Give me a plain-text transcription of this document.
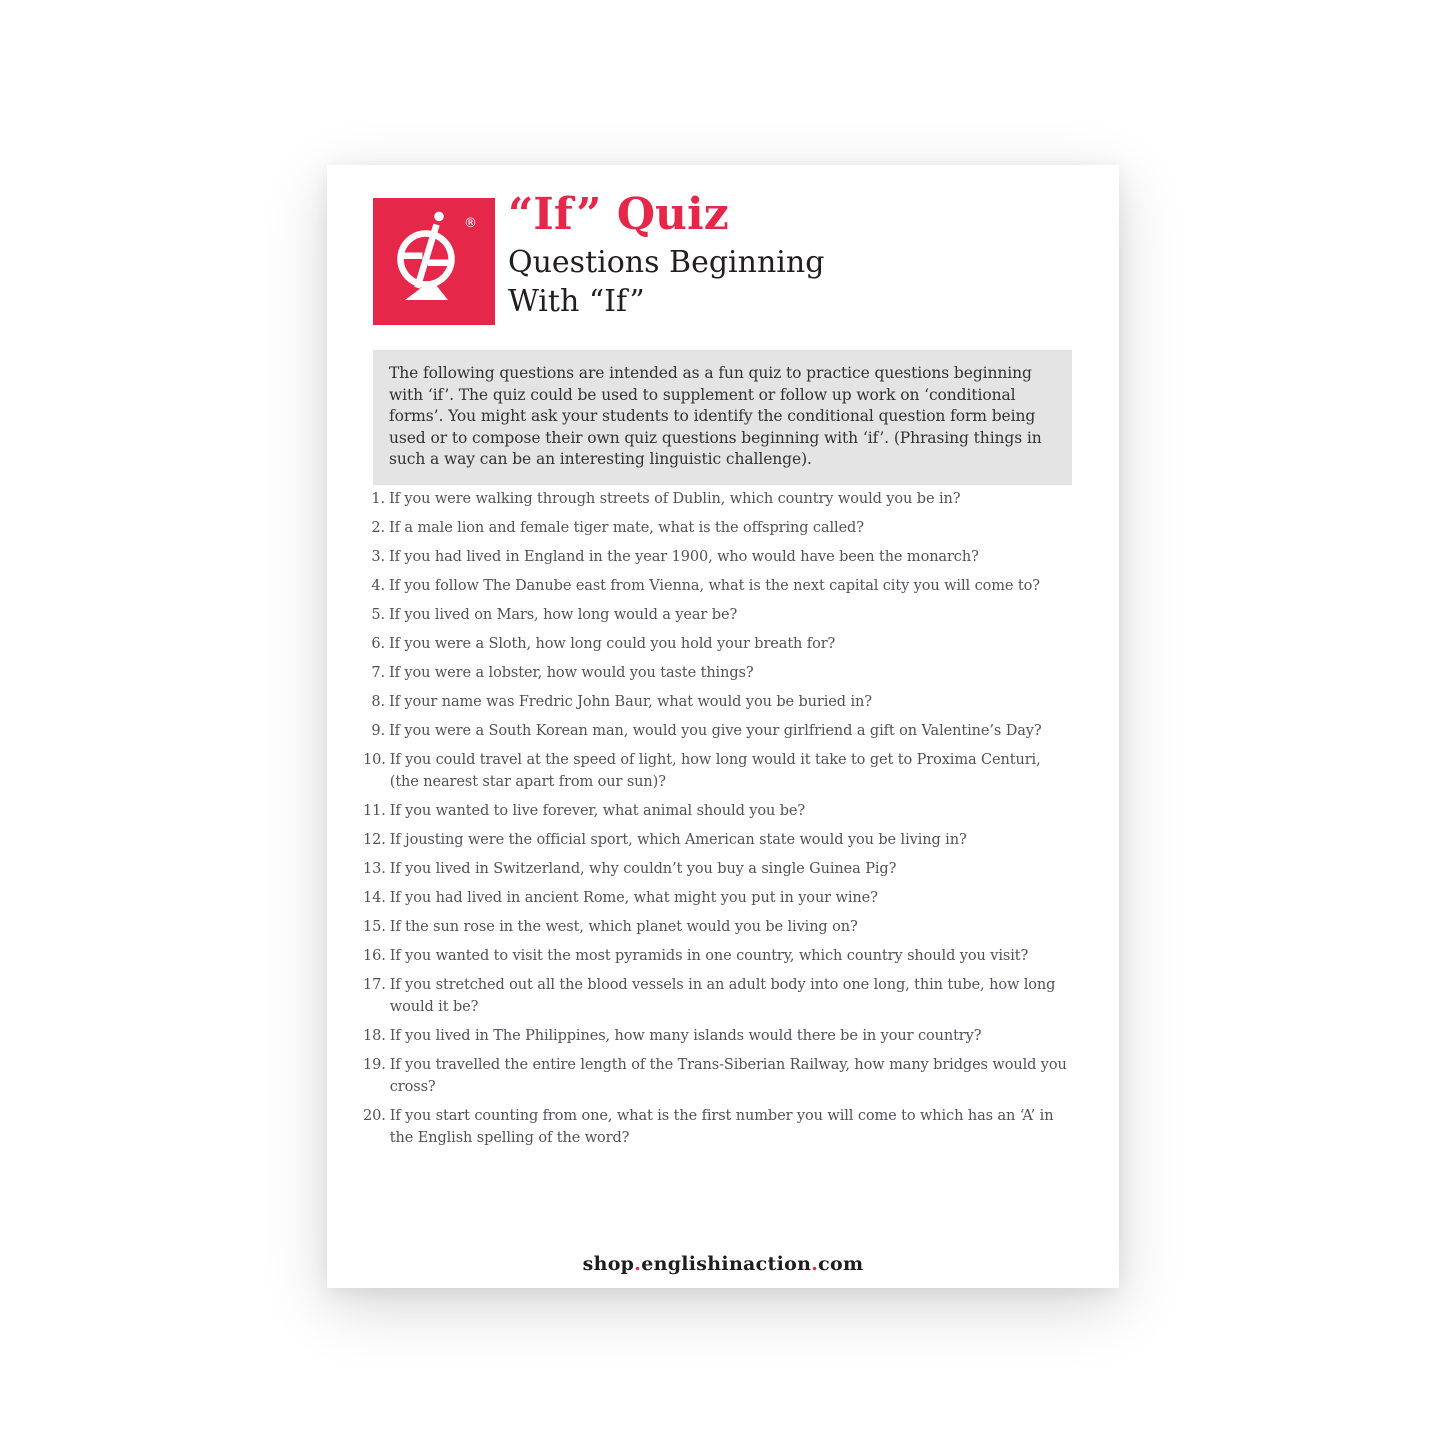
® “If” Quiz
Questions Beginning
With “If”

The following questions are intended as a fun quiz to practice questions beginning with ‘if’. The quiz could be used to supplement or follow up work on ‘conditional forms’. You might ask your students to identify the conditional question form being used or to compose their own quiz questions beginning with ‘if’. (Phrasing things in such a way can be an interesting linguistic challenge).

1. If you were walking through streets of Dublin, which country would you be in?
2. If a male lion and female tiger mate, what is the offspring called?
3. If you had lived in England in the year 1900, who would have been the monarch?
4. If you follow The Danube east from Vienna, what is the next capital city you will come to?
5. If you lived on Mars, how long would a year be?
6. If you were a Sloth, how long could you hold your breath for?
7. If you were a lobster, how would you taste things?
8. If your name was Fredric John Baur, what would you be buried in?
9. If you were a South Korean man, would you give your girlfriend a gift on Valentine’s Day?
10. If you could travel at the speed of light, how long would it take to get to Proxima Centuri, (the nearest star apart from our sun)?
11. If you wanted to live forever, what animal should you be?
12. If jousting were the official sport, which American state would you be living in?
13. If you lived in Switzerland, why couldn’t you buy a single Guinea Pig?
14. If you had lived in ancient Rome, what might you put in your wine?
15. If the sun rose in the west, which planet would you be living on?
16. If you wanted to visit the most pyramids in one country, which country should you visit?
17. If you stretched out all the blood vessels in an adult body into one long, thin tube, how long would it be?
18. If you lived in The Philippines, how many islands would there be in your country?
19. If you travelled the entire length of the Trans-Siberian Railway, how many bridges would you cross?
20. If you start counting from one, what is the first number you will come to which has an ‘A’ in the English spelling of the word?
shop.englishinaction.com
